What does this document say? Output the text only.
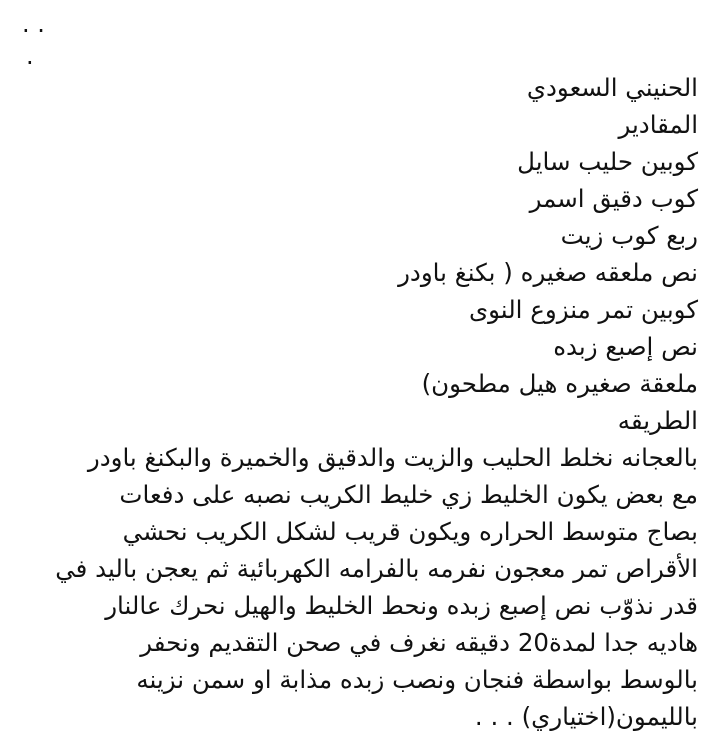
. .
.
الحنيني السعودي
المقادير
كوبين حليب سايل
كوب دقيق اسمر
ربع كوب زيت
نص ملعقه صغيره ( بكنغ باودر
كوبين تمر منزوع النوى
نص إصبع زبده
ملعقة صغيره هيل مطحون)
الطريقه
بالعجانه نخلط الحليب والزيت والدقيق والخميرة والبكنغ باودر
مع بعض يكون الخليط زي خليط الكريب نصبه على دفعات
بصاج متوسط الحراره ويكون قريب لشكل الكريب نحشي
الأقراص تمر معجون نفرمه بالفرامه الكهربائية ثم يعجن باليد في
قدر نذوّب نص إصبع زبده ونحط الخليط والهيل نحرك عالنار
هاديه جدا لمدة20 دقيقه نغرف في صحن التقديم ونحفر
بالوسط بواسطة فنجان ونصب زبده مذابة او سمن نزينه
بالليمون(اختياري) . . .
